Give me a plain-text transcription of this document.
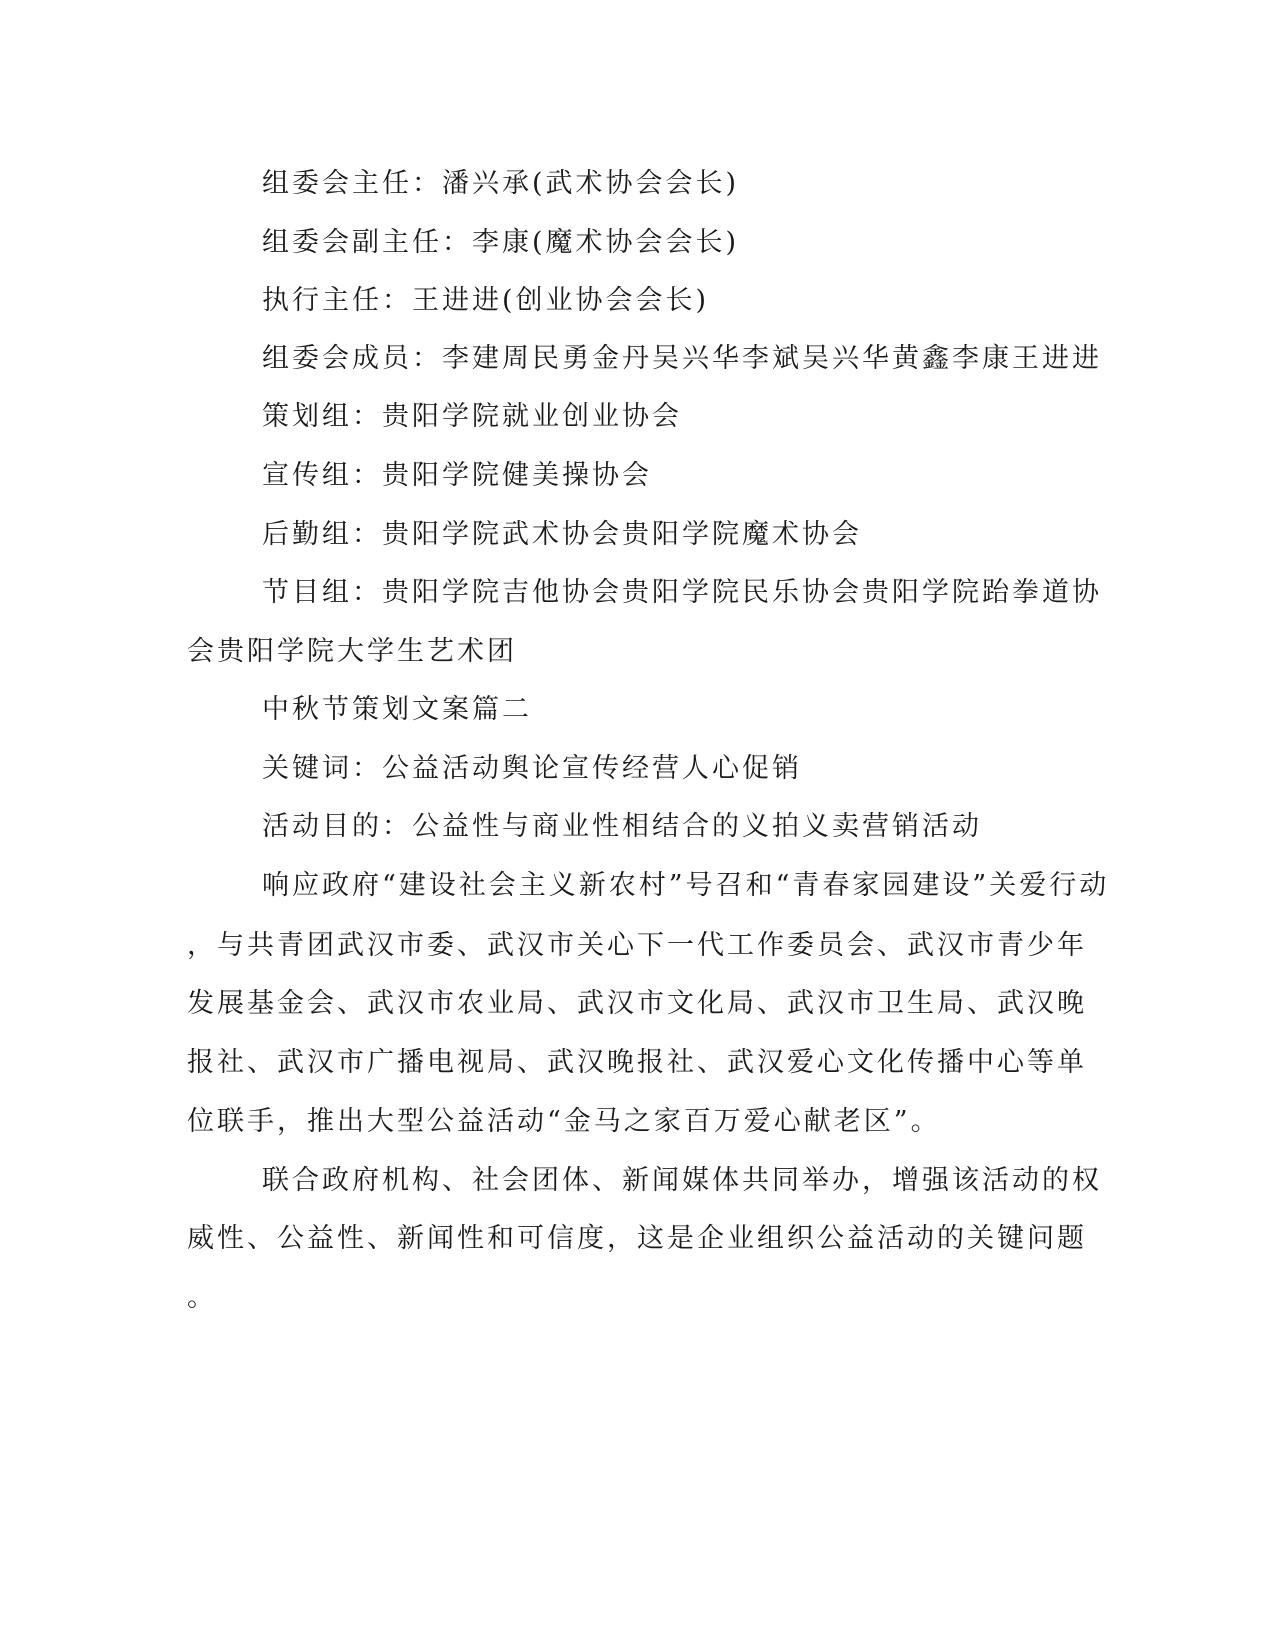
组委会主任：潘兴承(武术协会会长)
组委会副主任：李康(魔术协会会长)
执行主任：王进进(创业协会会长)
组委会成员：李建周民勇金丹吴兴华李斌吴兴华黄鑫李康王进进
策划组：贵阳学院就业创业协会
宣传组：贵阳学院健美操协会
后勤组：贵阳学院武术协会贵阳学院魔术协会
节目组：贵阳学院吉他协会贵阳学院民乐协会贵阳学院跆拳道协
会贵阳学院大学生艺术团
中秋节策划文案篇二
关键词：公益活动舆论宣传经营人心促销
活动目的：公益性与商业性相结合的义拍义卖营销活动
响应政府“建设社会主义新农村”号召和“青春家园建设”关爱行动
，与共青团武汉市委、武汉市关心下一代工作委员会、武汉市青少年
发展基金会、武汉市农业局、武汉市文化局、武汉市卫生局、武汉晚
报社、武汉市广播电视局、武汉晚报社、武汉爱心文化传播中心等单
位联手，推出大型公益活动“金马之家百万爱心献老区”。
联合政府机构、社会团体、新闻媒体共同举办，增强该活动的权
威性、公益性、新闻性和可信度，这是企业组织公益活动的关键问题
。
